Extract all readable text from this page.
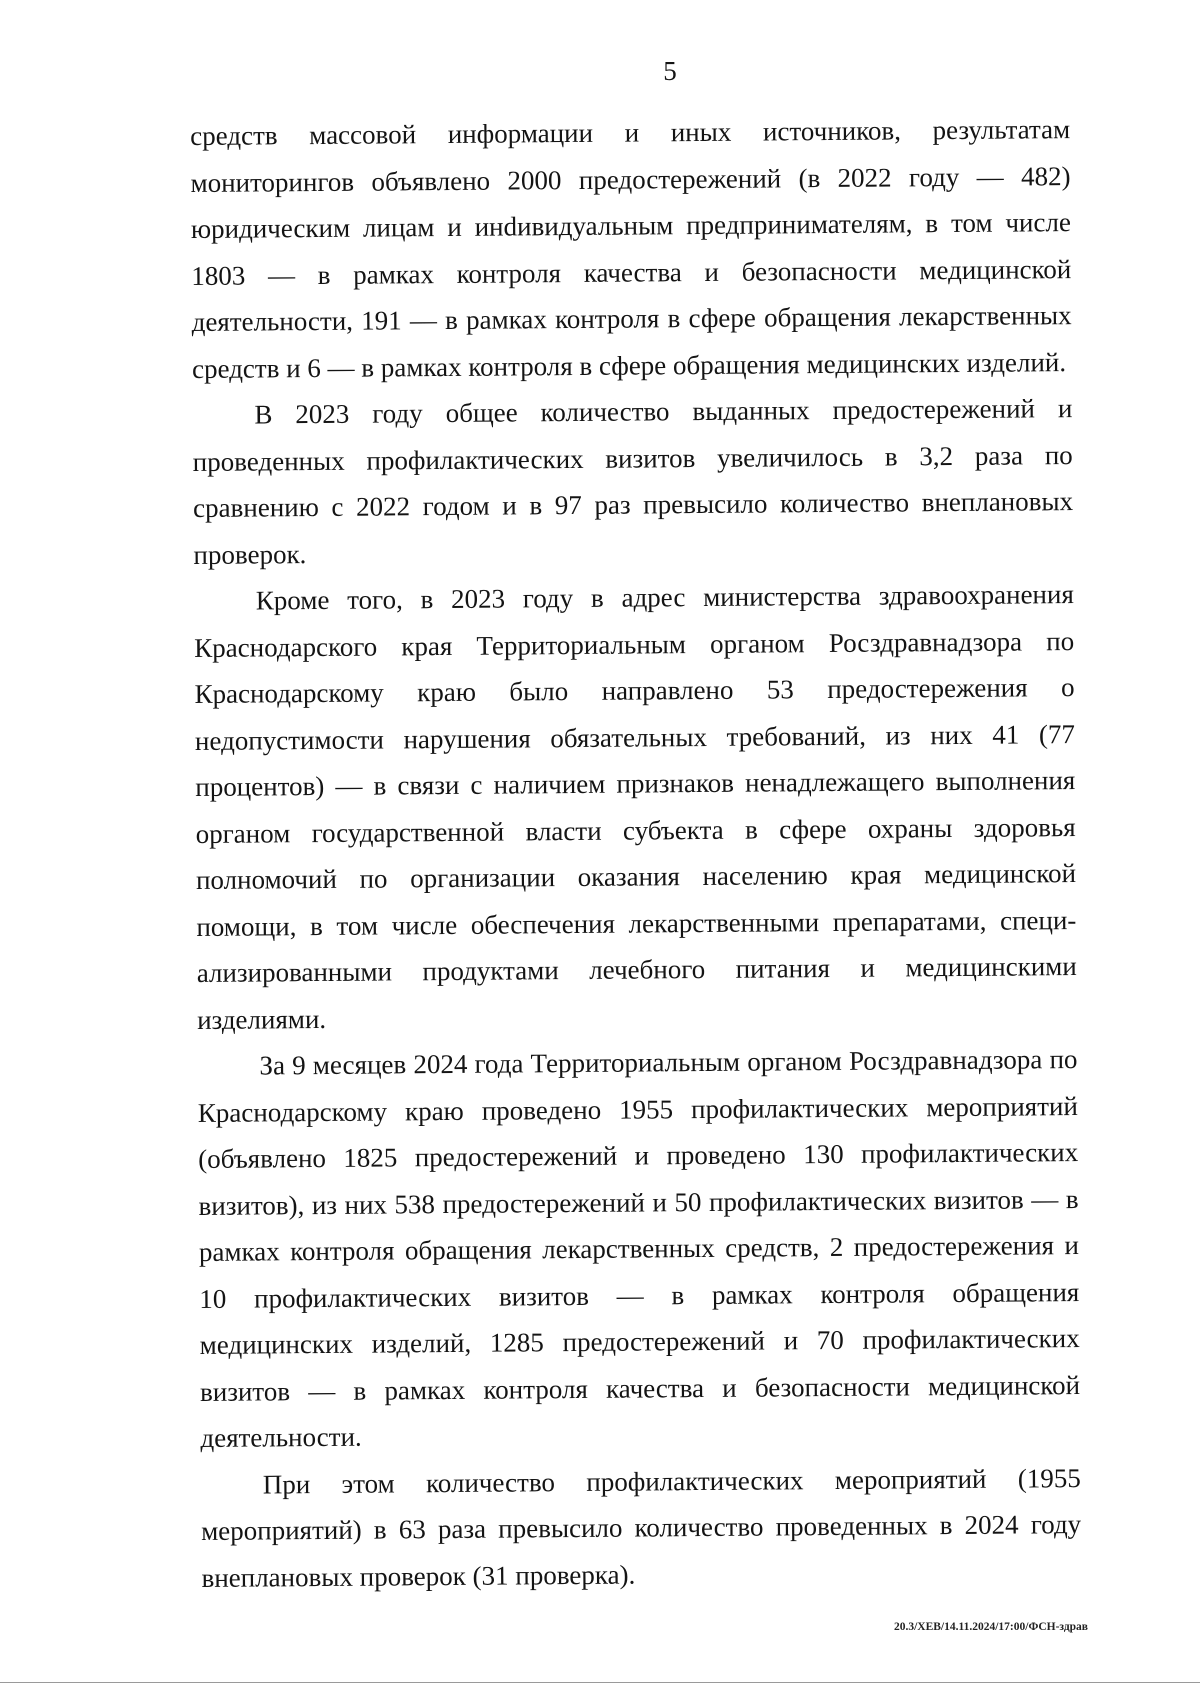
5

средств массовой информации и иных источников, результатам мониторингов объявлено 2000 предостережений (в 2022 году — 482) юридическим лицам и инdивидуальным предпринимателям, в том числе 1803 — в рамках контроля качества и безопасности медицинской деятельности, 191 — в рамках контроля в сфере обращения лекарственных средств и 6 — в рамках контроля в сфере обращения медицинских изделий.

В 2023 году общее количество выданных предостережений и проведенных профилактических визитов увеличилось в 3,2 раза по сравнению с 2022 годом и в 97 раз превысило количество внеплановых проверок.

Кроме того, в 2023 году в адрес министерства здравоохранения Краснодарского края Территориальным органом Росздравнадзора по Краснодарскому краю было направлено 53 предостережения о недопустимости нарушения обязательных требований, из них 41 (77 процентов) — в связи с наличием признаков ненадлежащего выполнения органом государственной власти субъекта в сфере охраны здоровья полномочий по организации оказания населению края медицинской помощи, в том числе обеспечения лекарственными препаратами, специализированными продуктами лечебного питания и медицинскими изделиями.

За 9 месяцев 2024 года Территориальным органом Росздравнадзора по Краснодарскому краю проведено 1955 профилактических мероприятий (объявлено 1825 предостережений и проведено 130 профилактических визитов), из них 538 предостережений и 50 профилактических визитов — в рамках контроля обращения лекарственных средств, 2 предостережения и 10 профилактических визитов — в рамках контроля обращения медицинских изделий, 1285 предостережений и 70 профилактических визитов — в рамках контроля качества и безопасности медицинской деятельности.

При этом количество профилактических мероприятий (1955 мероприятий) в 63 раза превысило количество проведенных в 2024 году внеплановых проверок (31 проверка).

20.3/ХЕВ/14.11.2024/17:00/ФСН-здрав
